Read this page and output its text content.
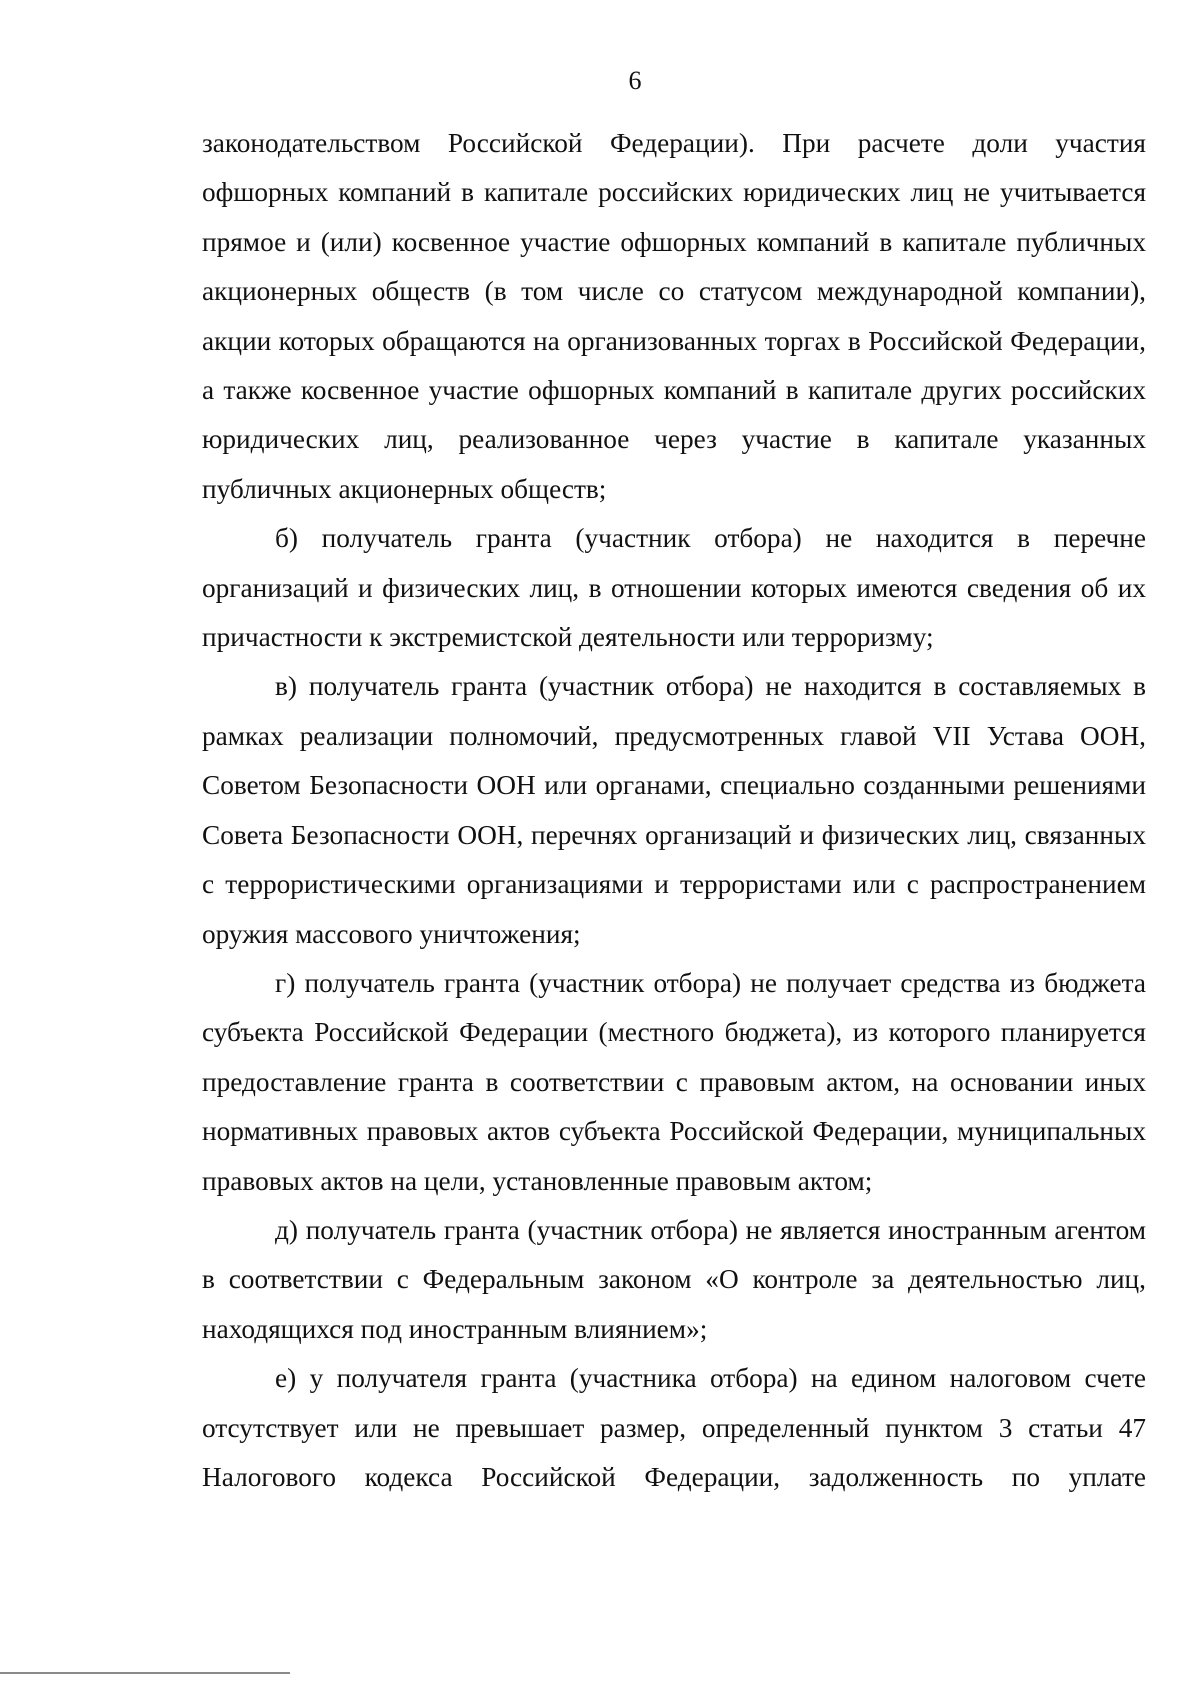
6

законодательством Российской Федерации). При расчете доли участия офшорных компаний в капитале российских юридических лиц не учитывается прямое и (или) косвенное участие офшорных компаний в капитале публичных акционерных обществ (в том числе со статусом международной компании), акции которых обращаются на организованных торгах в Российской Федерации, а также косвенное участие офшорных компаний в капитале других российских юридических лиц, реализованное через участие в капитале указанных публичных акционерных обществ;

б) получатель гранта (участник отбора) не находится в перечне организаций и физических лиц, в отношении которых имеются сведения об их причастности к экстремистской деятельности или терроризму;

в) получатель гранта (участник отбора) не находится в составляемых в рамках реализации полномочий, предусмотренных главой VII Устава ООН, Советом Безопасности ООН или органами, специально созданными решениями Совета Безопасности ООН, перечнях организаций и физических лиц, связанных с террористическими организациями и террористами или с распространением оружия массового уничтожения;

г) получатель гранта (участник отбора) не получает средства из бюджета субъекта Российской Федерации (местного бюджета), из которого планируется предоставление гранта в соответствии с правовым актом, на основании иных нормативных правовых актов субъекта Российской Федерации, муниципальных правовых актов на цели, установленные правовым актом;

д) получатель гранта (участник отбора) не является иностранным агентом в соответствии с Федеральным законом «О контроле за деятельностью лиц, находящихся под иностранным влиянием»;

е) у получателя гранта (участника отбора) на едином налоговом счете отсутствует или не превышает размер, определенный пунктом 3 статьи 47 Налогового кодекса Российской Федерации, задолженность по уплате
